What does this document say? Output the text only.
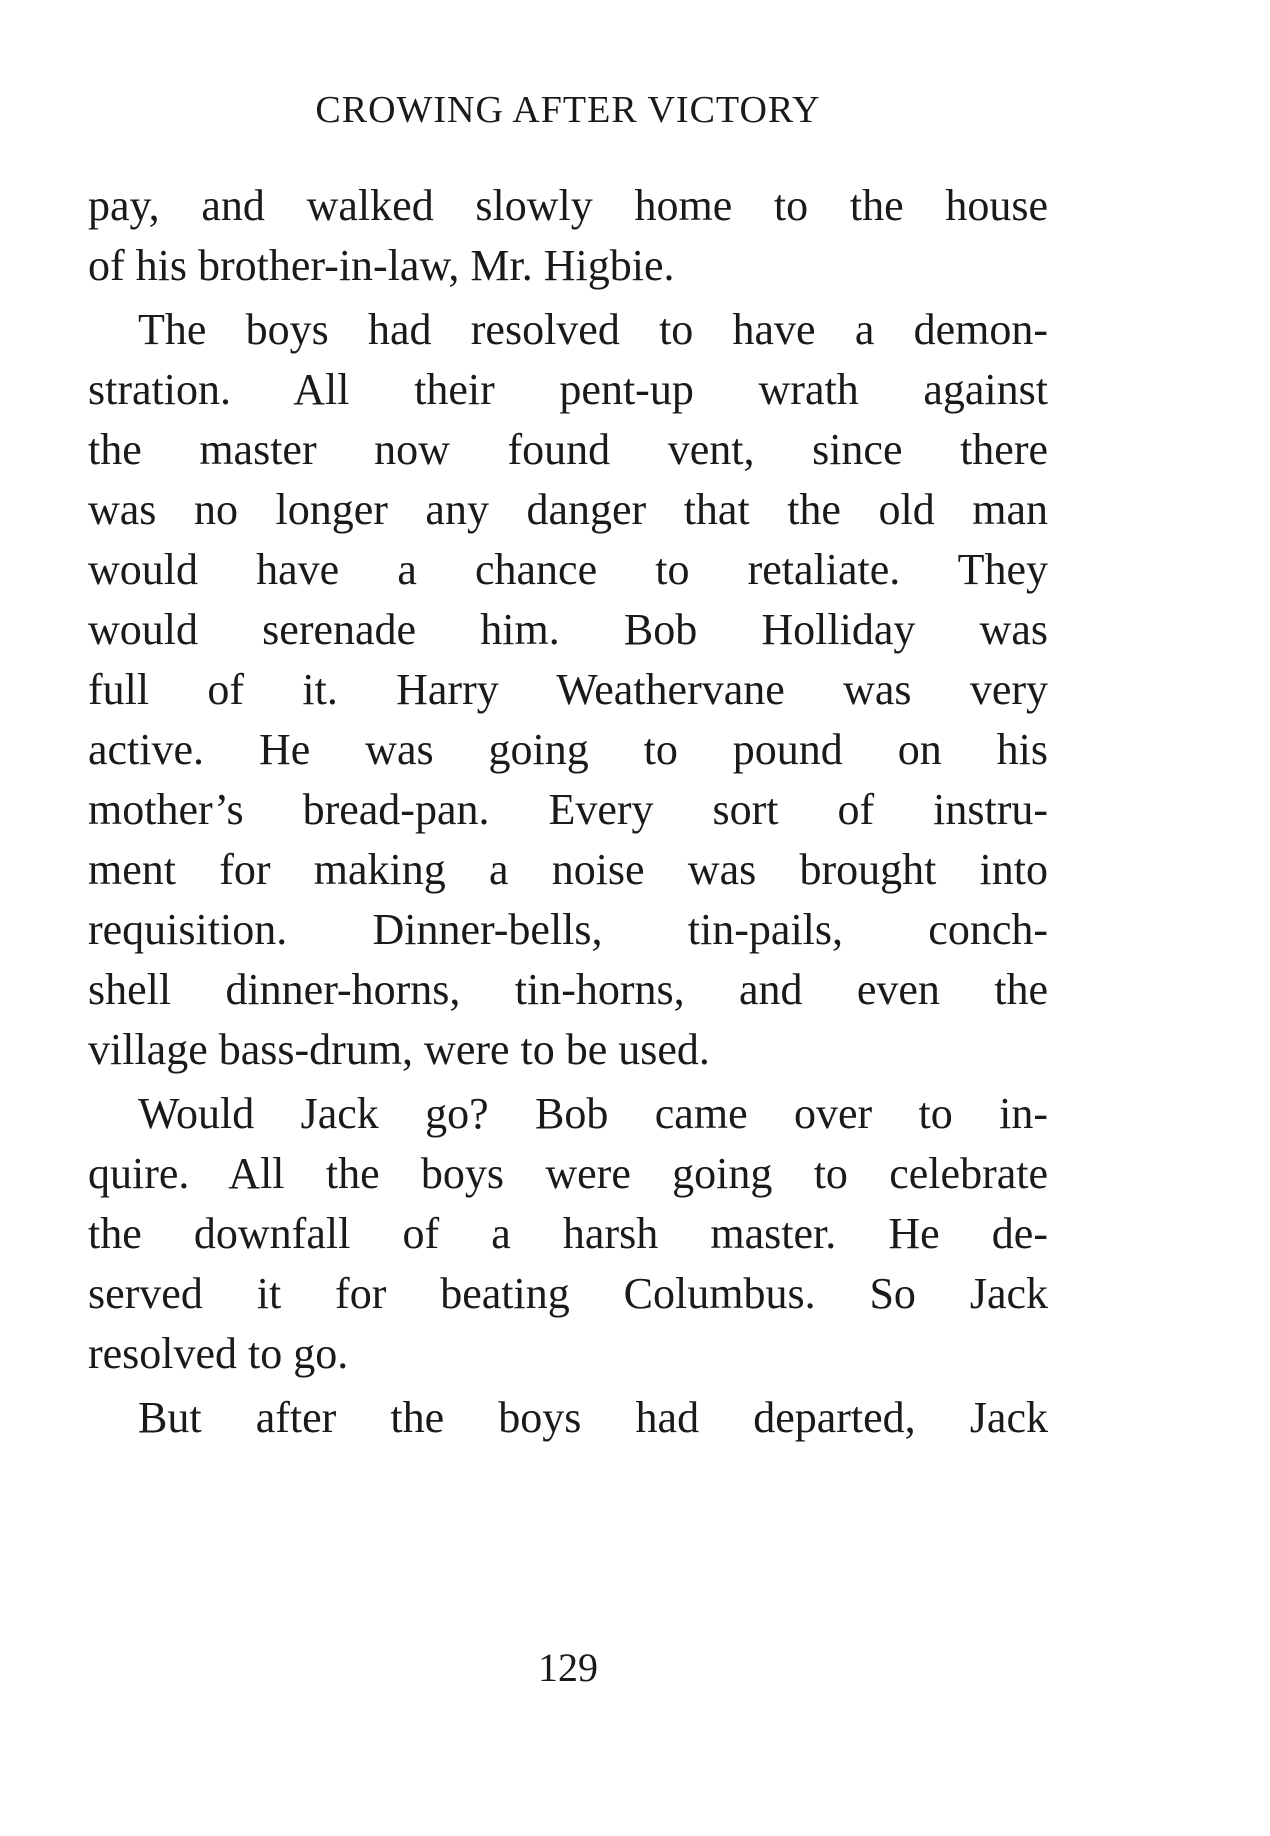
CROWING AFTER VICTORY
pay, and walked slowly home to the house
of his brother-in-law, Mr. Higbie.
The boys had resolved to have a demon-
stration. All their pent-up wrath against
the master now found vent, since there
was no longer any danger that the old man
would have a chance to retaliate. They
would serenade him. Bob Holliday was
full of it. Harry Weathervane was very
active. He was going to pound on his
mother’s bread-pan. Every sort of instru-
ment for making a noise was brought into
requisition. Dinner-bells, tin-pails, conch-
shell dinner-horns, tin-horns, and even the
village bass-drum, were to be used.
Would Jack go? Bob came over to in-
quire. All the boys were going to celebrate
the downfall of a harsh master. He de-
served it for beating Columbus. So Jack
resolved to go.
But after the boys had departed, Jack
129
